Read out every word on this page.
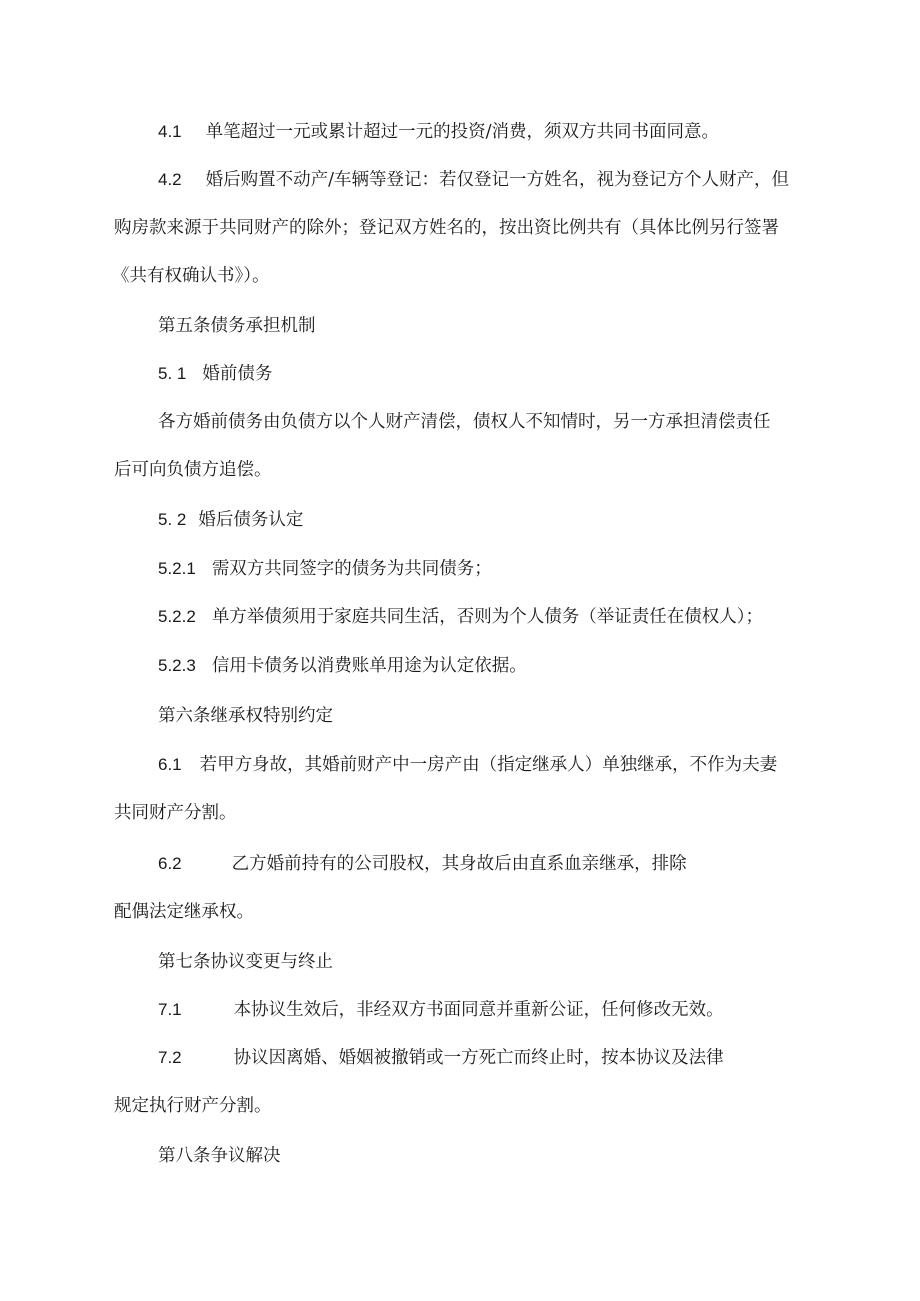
4.1 单笔超过一元或累计超过一元的投资/消费，须双方共同书面同意。
4.2 婚后购置不动产/车辆等登记：若仅登记一方姓名，视为登记方个人财产，但
购房款来源于共同财产的除外；登记双方姓名的，按出资比例共有（具体比例另行签署
《共有权确认书》）。
第五条债务承担机制
5. 1 婚前债务
各方婚前债务由负债方以个人财产清偿，债权人不知情时，另一方承担清偿责任
后可向负债方追偿。
5. 2 婚后债务认定
5.2.1 需双方共同签字的债务为共同债务；
5.2.2 单方举债须用于家庭共同生活，否则为个人债务（举证责任在债权人）；
5.2.3 信用卡债务以消费账单用途为认定依据。
第六条继承权特别约定
6.1 若甲方身故，其婚前财产中一房产由（指定继承人）单独继承，不作为夫妻
共同财产分割。
6.2	乙方婚前持有的公司股权，其身故后由直系血亲继承，排除
配偶法定继承权。
第七条协议变更与终止
7.1	本协议生效后，非经双方书面同意并重新公证，任何修改无效。
7.2	协议因离婚、婚姻被撤销或一方死亡而终止时，按本协议及法律
规定执行财产分割。
第八条争议解决
